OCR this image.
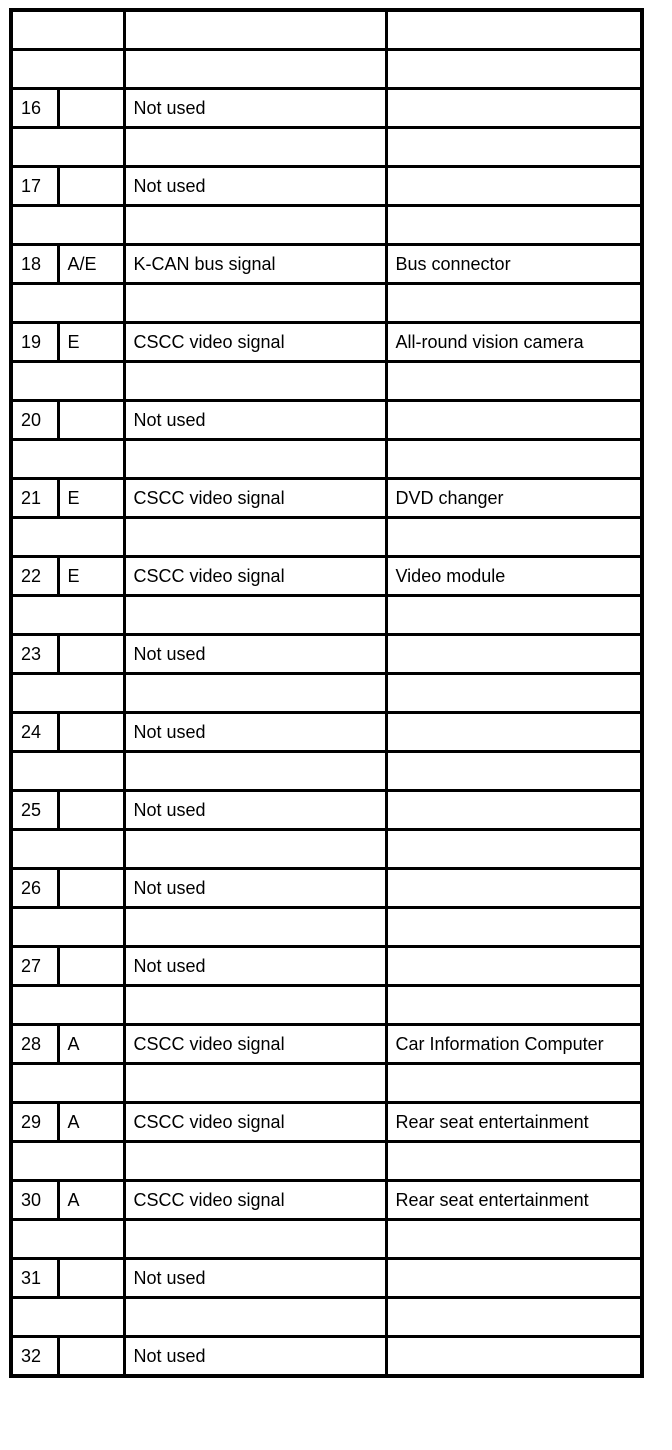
16		Not used	

17		Not used	

18	A/E	K-CAN bus signal	Bus connector

19	E	CSCC video signal	All-round vision camera

20		Not used	

21	E	CSCC video signal	DVD changer

22	E	CSCC video signal	Video module

23		Not used	

24		Not used	

25		Not used	

26		Not used	

27		Not used	

28	A	CSCC video signal	Car Information Computer

29	A	CSCC video signal	Rear seat entertainment

30	A	CSCC video signal	Rear seat entertainment

31		Not used	

32		Not used	
